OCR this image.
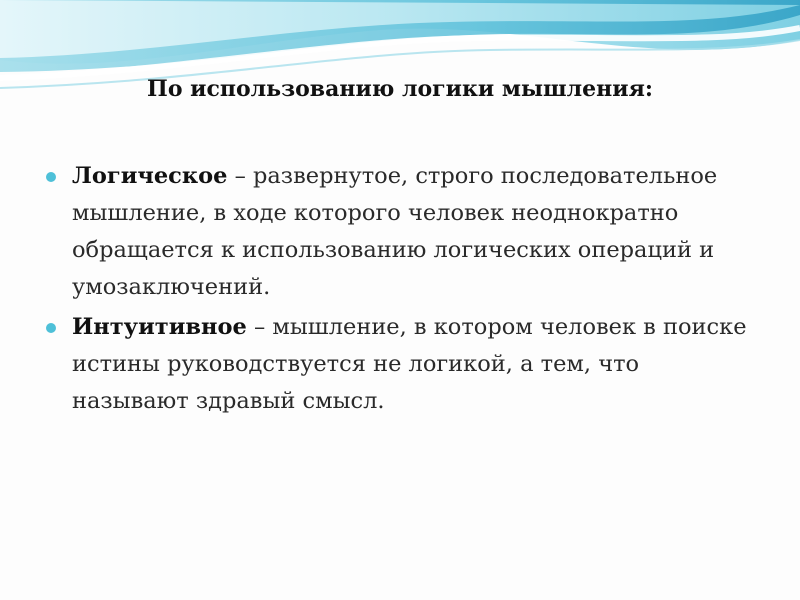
По использованию логики мышления:
Логическое – развернутое, строго последовательное мышление, в ходе которого человек неоднократно обращается к использованию логических операций и умозаключений.
Интуитивное – мышление, в котором человек в поиске истины руководствуется не логикой, а тем, что называют здравый смысл.
